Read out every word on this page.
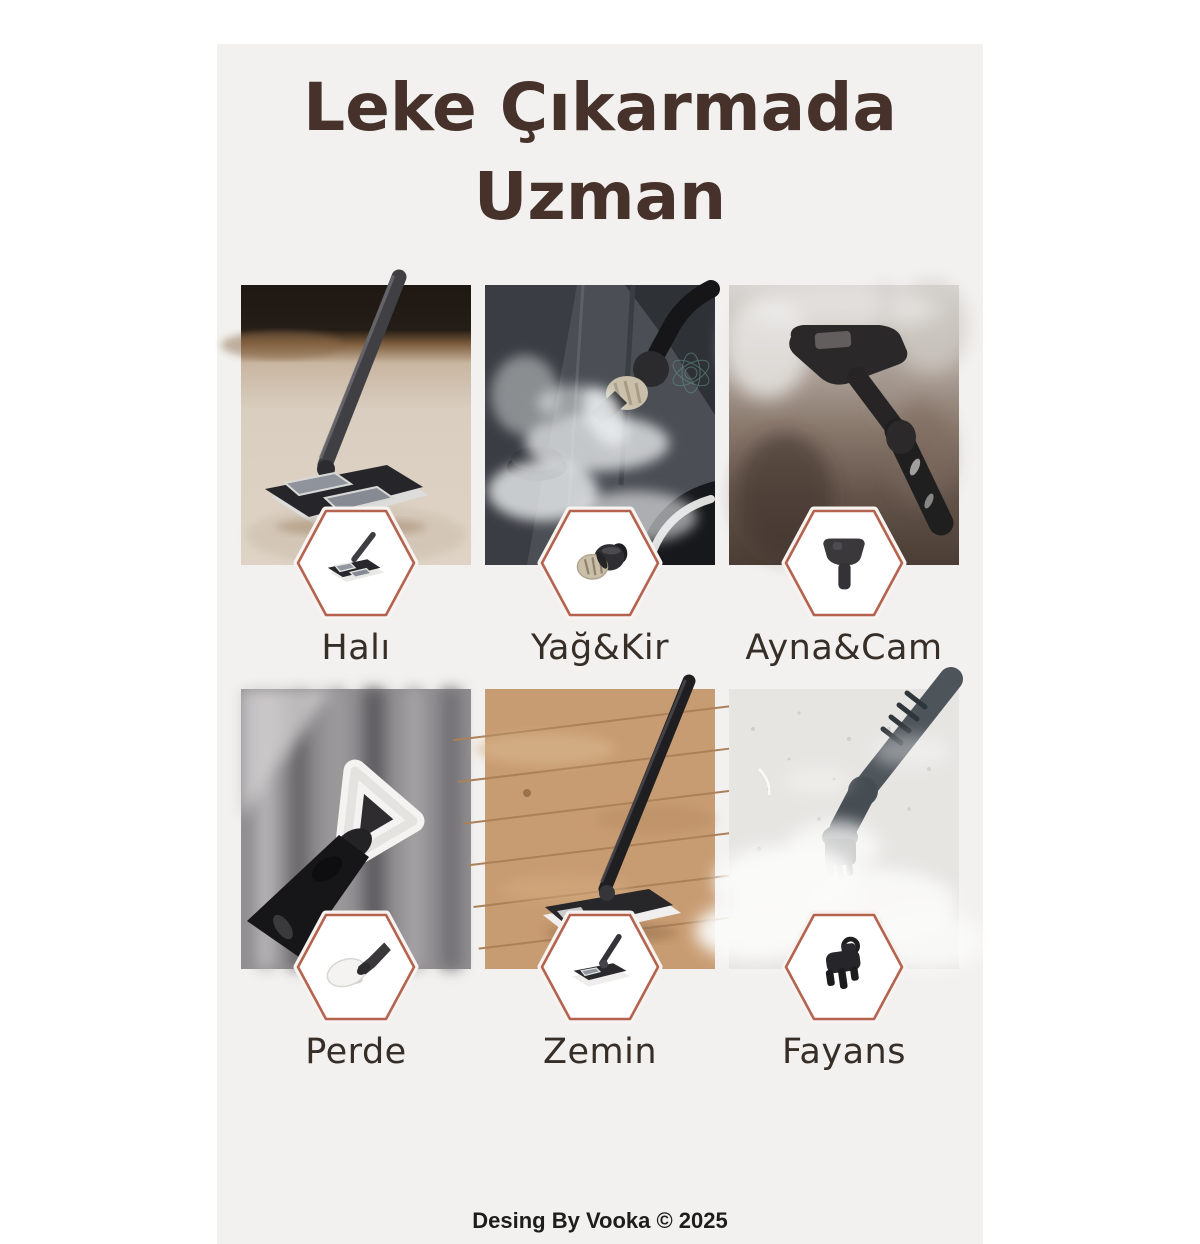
Leke Çıkarmada
Uzman
Halı	Yağ&Kir Ayna&Cam
Perde	Zemin	Fayans
Desing By Vooka © 2025
